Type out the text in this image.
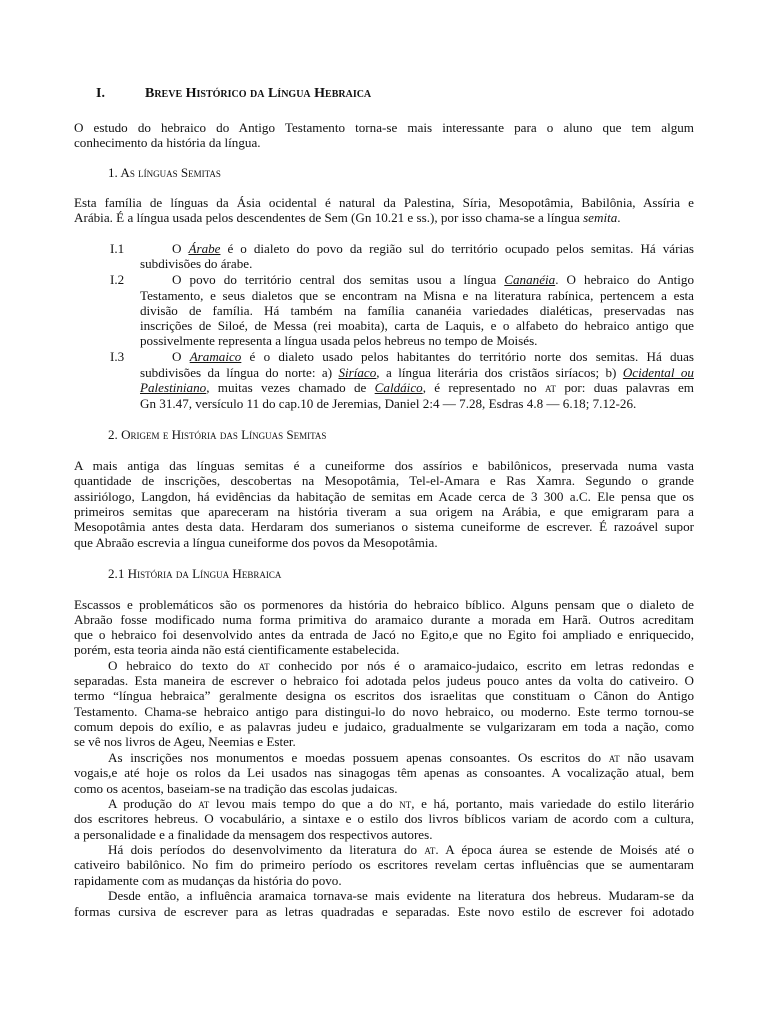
I.	Breve Histórico da Língua Hebraica
O estudo do hebraico do Antigo Testamento torna-se mais interessante para o aluno que tem algum
conhecimento da história da língua.
1. As línguas Semitas
Esta família de línguas da Ásia ocidental é natural da Palestina, Síria, Mesopotâmia, Babilônia, Assíria e
Arábia. É a língua usada pelos descendentes de Sem (Gn 10.21 e ss.), por isso chama-se a língua semita.
I.1	O Árabe é o dialeto do povo da região sul do território ocupado pelos semitas. Há várias
subdivisões do árabe.
I.2	O povo do território central dos semitas usou a língua Cananéia. O hebraico do Antigo
Testamento, e seus dialetos que se encontram na Misna e na literatura rabínica, pertencem a esta
divisão de família. Há também na família cananéia variedades dialéticas, preservadas nas
inscrições de Siloé, de Messa (rei moabita), carta de Laquis, e o alfabeto do hebraico antigo que
possivelmente representa a língua usada pelos hebreus no tempo de Moisés.
I.3	O Aramaico é o dialeto usado pelos habitantes do território norte dos semitas. Há duas
subdivisões da língua do norte: a) Siríaco, a língua literária dos cristãos siríacos; b) Ocidental ou
Palestiniano, muitas vezes chamado de Caldáico, é representado no at por: duas palavras em
Gn 31.47, versículo 11 do cap.10 de Jeremias, Daniel 2:4 — 7.28, Esdras 4.8 — 6.18; 7.12-26.
2. Origem e História das Línguas Semitas
A mais antiga das línguas semitas é a cuneiforme dos assírios e babilônicos, preservada numa vasta
quantidade de inscrições, descobertas na Mesopotâmia, Tel-el-Amara e Ras Xamra. Segundo o grande
assiriólogo, Langdon, há evidências da habitação de semitas em Acade cerca de 3 300 a.C. Ele pensa que os
primeiros semitas que apareceram na história tiveram a sua origem na Arábia, e que emigraram para a
Mesopotâmia antes desta data. Herdaram dos sumerianos o sistema cuneiforme de escrever. É razoável supor
que Abraão escrevia a língua cuneiforme dos povos da Mesopotâmia.
2.1 História da Língua Hebraica
Escassos e problemáticos são os pormenores da história do hebraico bíblico. Alguns pensam que o dialeto de
Abraão fosse modificado numa forma primitiva do aramaico durante a morada em Harã. Outros acreditam
que o hebraico foi desenvolvido antes da entrada de Jacó no Egito,e que no Egito foi ampliado e enriquecido,
porém, esta teoria ainda não está cientificamente estabelecida.
O hebraico do texto do at conhecido por nós é o aramaico-judaico, escrito em letras redondas e
separadas. Esta maneira de escrever o hebraico foi adotada pelos judeus pouco antes da volta do cativeiro. O
termo “língua hebraica” geralmente designa os escritos dos israelitas que constituam o Cânon do Antigo
Testamento. Chama-se hebraico antigo para distingui-lo do novo hebraico, ou moderno. Este termo tornou-se
comum depois do exílio, e as palavras judeu e judaico, gradualmente se vulgarizaram em toda a nação, como
se vê nos livros de Ageu, Neemias e Ester.
As inscrições nos monumentos e moedas possuem apenas consoantes. Os escritos do at não usavam
vogais,e até hoje os rolos da Lei usados nas sinagogas têm apenas as consoantes. A vocalização atual, bem
como os acentos, baseiam-se na tradição das escolas judaicas.
A produção do at levou mais tempo do que a do nt, e há, portanto, mais variedade do estilo literário
dos escritores hebreus. O vocabulário, a sintaxe e o estilo dos livros bíblicos variam de acordo com a cultura,
a personalidade e a finalidade da mensagem dos respectivos autores.
Há dois períodos do desenvolvimento da literatura do at. A época áurea se estende de Moisés até o
cativeiro babilônico. No fim do primeiro período os escritores revelam certas influências que se aumentaram
rapidamente com as mudanças da história do povo.
Desde então, a influência aramaica tornava-se mais evidente na literatura dos hebreus. Mudaram-se da
formas cursiva de escrever para as letras quadradas e separadas. Este novo estilo de escrever foi adotado
